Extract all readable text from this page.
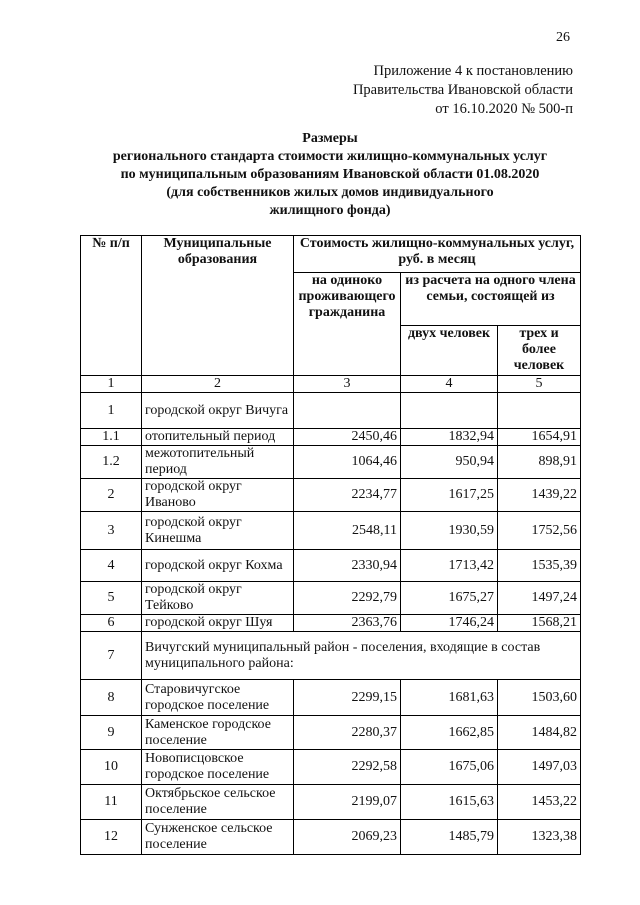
26
Приложение 4 к постановлению
Правительства Ивановской области
от 16.10.2020 № 500-п
Размеры
регионального стандарта стоимости жилищно-коммунальных услуг
по муниципальным образованиям Ивановской области 01.08.2020
(для собственников жилых домов индивидуального
жилищного фонда)
№ п/п	Муниципальные образования	Стоимость жилищно-коммунальных услуг, руб. в месяц		
		на одиноко проживающего гражданина	из расчета на одного члена семьи, состоящей из	
			двух человек	трех и более человек
1	2	3	4	5
1	городской округ Вичуга			
1.1	отопительный период	2450,46	1832,94	1654,91
1.2	межотопительный период	1064,46	950,94	898,91
2	городской округ Иваново	2234,77	1617,25	1439,22
3	городской округ Кинешма	2548,11	1930,59	1752,56
4	городской округ Кохма	2330,94	1713,42	1535,39
5	городской округ Тейково	2292,79	1675,27	1497,24
6	городской округ Шуя	2363,76	1746,24	1568,21
7	Вичугский муниципальный район - поселения, входящие в состав муниципального района:			
8	Старовичугское городское поселение	2299,15	1681,63	1503,60
9	Каменское городское поселение	2280,37	1662,85	1484,82
10	Новописцовское городское поселение	2292,58	1675,06	1497,03
11	Октябрьское сельское поселение	2199,07	1615,63	1453,22
12	Сунженское сельское поселение	2069,23	1485,79	1323,38
